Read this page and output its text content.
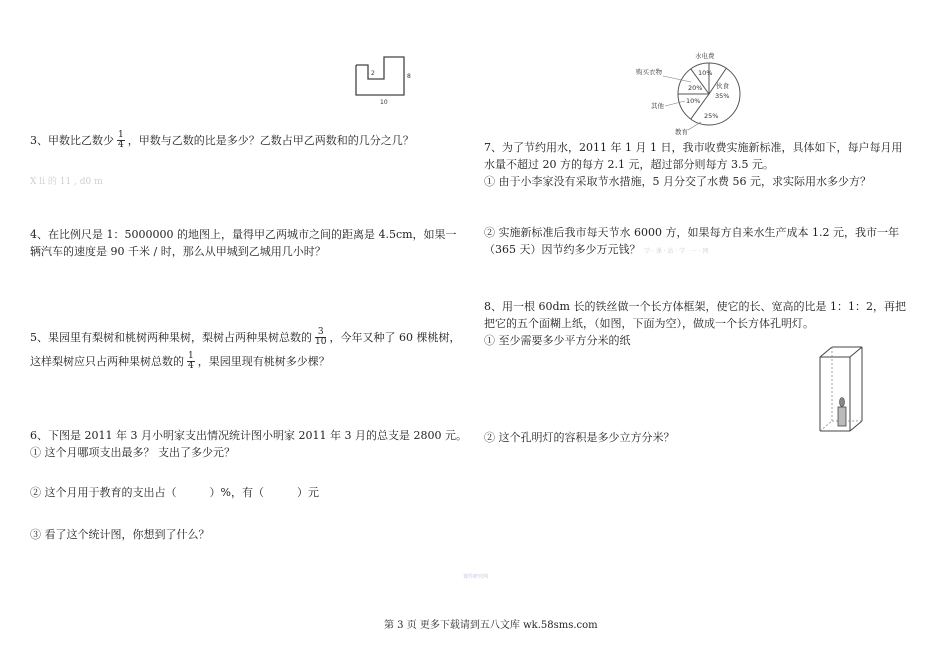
2	8
10
10%
20%
10%
伙食
35%
25%
水电费
购买衣物
其他
教育
3、甲数比乙数少 $\frac{1}{4}$ ，甲数与乙数的比是多少？乙数占甲乙两数和的几分之几？
X li 的 11 , d0 m
4、在比例尺是 1：5000000 的地图上，量得甲乙两城市之间的距离是 4.5cm，如果一
辆汽车的速度是 90 千米 / 时，那么从甲城到乙城用几小时？
5、果园里有梨树和桃树两种果树，梨树占两种果树总数的 $\frac{3}{10}$ ，今年又种了 60 棵桃树，
这样梨树应只占两种果树总数的 $\frac{1}{4}$ ，果园里现有桃树多少棵？
6、下图是 2011 年 3 月小明家支出情况统计图小明家 2011 年 3 月的总支是 2800 元。
① 这个月哪项支出最多？ 支出了多少元？
② 这个月用于教育的支出占（　　　）%，有（　　　）元
③ 看了这个统计图，你想到了什么？
7、为了节约用水，2011 年 1 月 1 日，我市收费实施新标准，具体如下，每户每月用
水量不超过 20 方的每方 2.1 元，超过部分则每方 3.5 元。
① 由于小李家没有采取节水措施，5 月分交了水费 56 元，求实际用水多少方？
② 实施新标准后我市每天节水 6000 方，如果每方自来水生产成本 1.2 元，我市一年
（365 天）因节约多少万元钱？ 学 · 课 · 站 · 学 · 一 · 网
8、用一根 60dm 长的铁丝做一个长方体框架，使它的长、宽高的比是 1：1：2，再把
把它的五个面糊上纸，（如图，下面为空），做成一个长方体孔明灯。
① 至少需要多少平方分米的纸
② 这个孔明灯的容积是多少立方分米？
课件研究网
第 3 页 更多下载请到五八文库 wk.58sms.com
